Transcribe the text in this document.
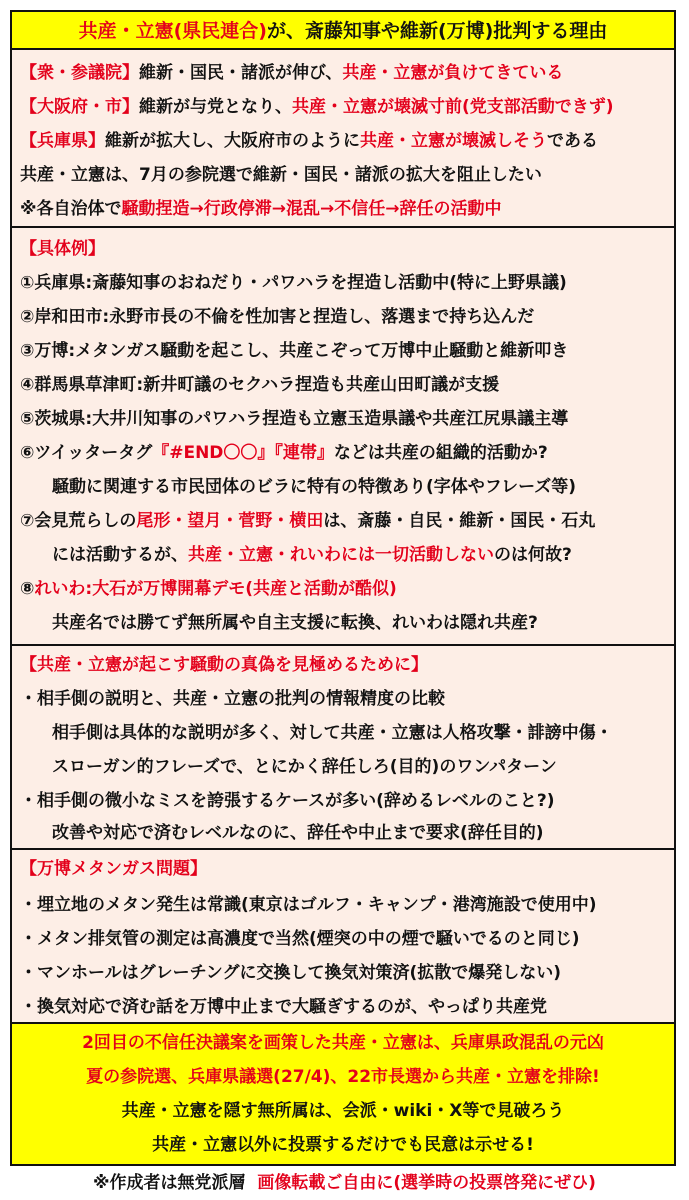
共産・立憲(県民連合)が、斎藤知事や維新(万博)批判する理由
【衆・参議院】維新・国民・諸派が伸び、共産・立憲が負けてきている
【大阪府・市】維新が与党となり、共産・立憲が壊滅寸前(党支部活動できず)
【兵庫県】維新が拡大し、大阪府市のように共産・立憲が壊滅しそうである
共産・立憲は、7月の参院選で維新・国民・諸派の拡大を阻止したい
※各自治体で騒動捏造→行政停滞→混乱→不信任→辞任の活動中
【具体例】
①兵庫県:斎藤知事のおねだり・パワハラを捏造し活動中(特に上野県議)
②岸和田市:永野市長の不倫を性加害と捏造し、落選まで持ち込んだ
③万博:メタンガス騒動を起こし、共産こぞって万博中止騒動と維新叩き
④群馬県草津町:新井町議のセクハラ捏造も共産山田町議が支援
⑤茨城県:大井川知事のパワハラ捏造も立憲玉造県議や共産江尻県議主導
⑥ツイッタータグ『#END〇〇』『連帯』などは共産の組織的活動か?
騒動に関連する市民団体のビラに特有の特徴あり(字体やフレーズ等)
⑦会見荒らしの尾形・望月・菅野・横田は、斎藤・自民・維新・国民・石丸
には活動するが、共産・立憲・れいわには一切活動しないのは何故?
⑧れいわ:大石が万博開幕デモ(共産と活動が酷似)
共産名では勝てず無所属や自主支援に転換、れいわは隠れ共産?
【共産・立憲が起こす騒動の真偽を見極めるために】
・相手側の説明と、共産・立憲の批判の情報精度の比較
相手側は具体的な説明が多く、対して共産・立憲は人格攻撃・誹謗中傷・
スローガン的フレーズで、とにかく辞任しろ(目的)のワンパターン
・相手側の微小なミスを誇張するケースが多い(辞めるレベルのこと?)
改善や対応で済むレベルなのに、辞任や中止まで要求(辞任目的)
【万博メタンガス問題】
・埋立地のメタン発生は常識(東京はゴルフ・キャンプ・港湾施設で使用中)
・メタン排気管の測定は高濃度で当然(煙突の中の煙で騒いでるのと同じ)
・マンホールはグレーチングに交換して換気対策済(拡散で爆発しない)
・換気対応で済む話を万博中止まで大騒ぎするのが、やっぱり共産党
2回目の不信任決議案を画策した共産・立憲は、兵庫県政混乱の元凶
夏の参院選、兵庫県議選(27/4)、22市長選から共産・立憲を排除!
共産・立憲を隠す無所属は、会派・wiki・X等で見破ろう
共産・立憲以外に投票するだけでも民意は示せる!
※作成者は無党派層 画像転載ご自由に(選挙時の投票啓発にぜひ)
